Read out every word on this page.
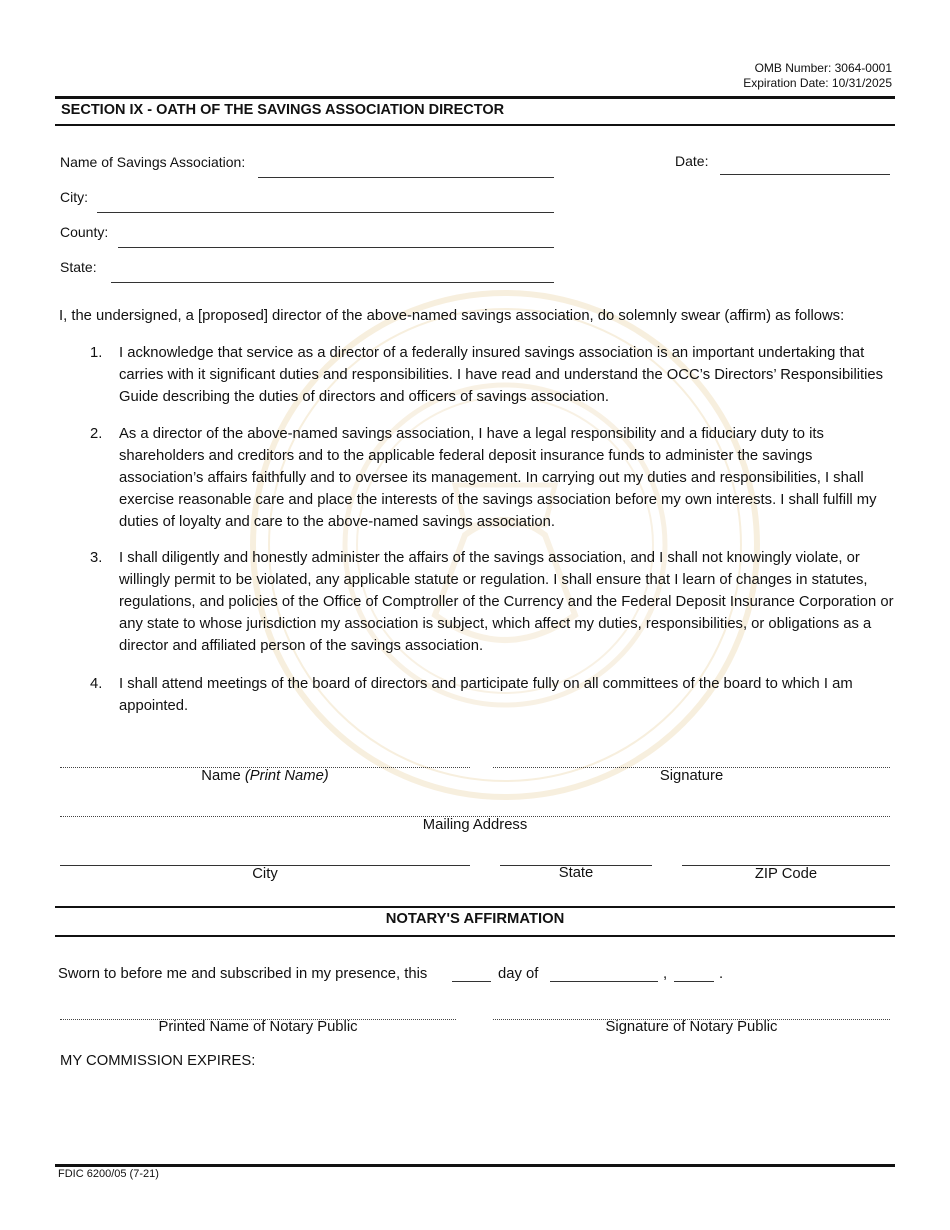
OMB Number: 3064-0001
Expiration Date: 10/31/2025
SECTION IX - OATH OF THE SAVINGS ASSOCIATION DIRECTOR
Name of Savings Association:	Date:
City:
County:
State:
I, the undersigned, a [proposed] director of the above-named savings association, do solemnly swear (affirm) as follows:
1.	I acknowledge that service as a director of a federally insured savings association is an important undertaking that carries with it significant duties and responsibilities. I have read and understand the OCC’s Directors’ Responsibilities Guide describing the duties of directors and officers of savings association.
2.	As a director of the above-named savings association, I have a legal responsibility and a fiduciary duty to its shareholders and creditors and to the applicable federal deposit insurance funds to administer the savings association’s affairs faithfully and to oversee its management. In carrying out my duties and responsibilities, I shall exercise reasonable care and place the interests of the savings association before my own interests. I shall fulfill my duties of loyalty and care to the above-named savings association.
3.	I shall diligently and honestly administer the affairs of the savings association, and I shall not knowingly violate, or willingly permit to be violated, any applicable statute or regulation. I shall ensure that I learn of changes in statutes, regulations, and policies of the Office of Comptroller of the Currency and the Federal Deposit Insurance Corporation or any state to whose jurisdiction my association is subject, which affect my duties, responsibilities, or obligations as a director and affiliated person of the savings association.
4.	I shall attend meetings of the board of directors and participate fully on all committees of the board to which I am appointed.
Name (Print Name)	Signature
Mailing Address
City	State	ZIP Code
NOTARY'S AFFIRMATION
Sworn to before me and subscribed in my presence, this	day of	,	.
Printed Name of Notary Public	Signature of Notary Public
MY COMMISSION EXPIRES:
FDIC 6200/05 (7-21)
